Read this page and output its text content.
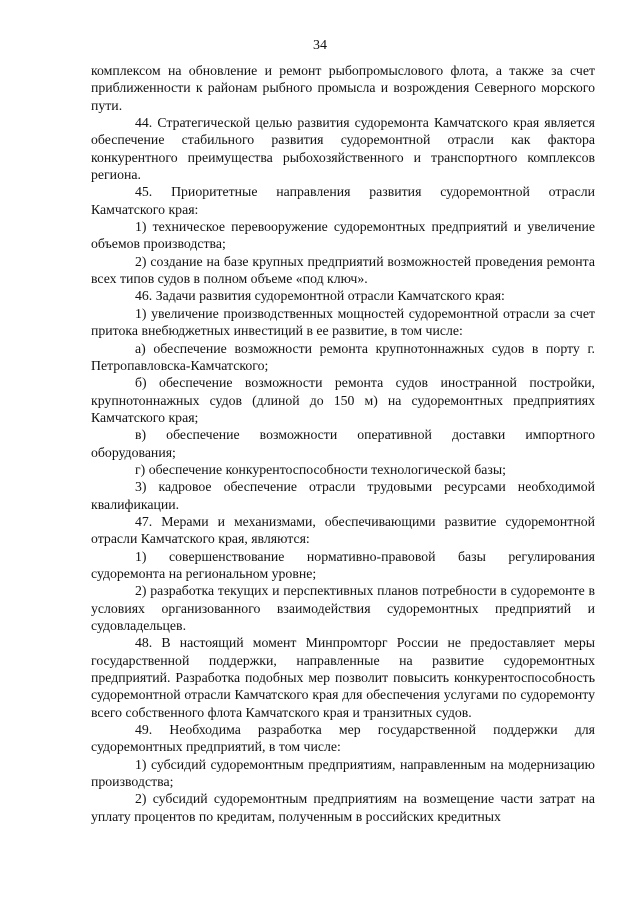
34

комплексом на обновление и ремонт рыбопромыслового флота, а также за счет приближенности к районам рыбного промысла и возрождения Северного морского пути.

44. Стратегической целью развития судоремонта Камчатского края является обеспечение стабильного развития судоремонтной отрасли как фактора конкурентного преимущества рыбохозяйственного и транспортного комплексов региона.

45. Приоритетные направления развития судоремонтной отрасли Камчатского края:

1) техническое перевооружение судоремонтных предприятий и увеличение объемов производства;

2) создание на базе крупных предприятий возможностей проведения ремонта всех типов судов в полном объеме «под ключ».

46. Задачи развития судоремонтной отрасли Камчатского края:

1) увеличение производственных мощностей судоремонтной отрасли за счет притока внебюджетных инвестиций в ее развитие, в том числе:

а) обеспечение возможности ремонта крупнотоннажных судов в порту г. Петропавловска-Камчатского;

б) обеспечение возможности ремонта судов иностранной постройки, крупнотоннажных судов (длиной до 150 м) на судоремонтных предприятиях Камчатского края;

в) обеспечение возможности оперативной доставки импортного оборудования;

г) обеспечение конкурентоспособности технологической базы;

3) кадровое обеспечение отрасли трудовыми ресурсами необходимой квалификации.

47. Мерами и механизмами, обеспечивающими развитие судоремонтной отрасли Камчатского края, являются:

1) совершенствование нормативно-правовой базы регулирования судоремонта на региональном уровне;

2) разработка текущих и перспективных планов потребности в судоремонте в условиях организованного взаимодействия судоремонтных предприятий и судовладельцев.

48. В настоящий момент Минпромторг России не предоставляет меры государственной поддержки, направленные на развитие судоремонтных предприятий. Разработка подобных мер позволит повысить конкурентоспособность судоремонтной отрасли Камчатского края для обеспечения услугами по судоремонту всего собственного флота Камчатского края и транзитных судов.

49. Необходима разработка мер государственной поддержки для судоремонтных предприятий, в том числе:

1) субсидий судоремонтным предприятиям, направленным на модернизацию производства;

2) субсидий судоремонтным предприятиям на возмещение части затрат на уплату процентов по кредитам, полученным в российских кредитных
